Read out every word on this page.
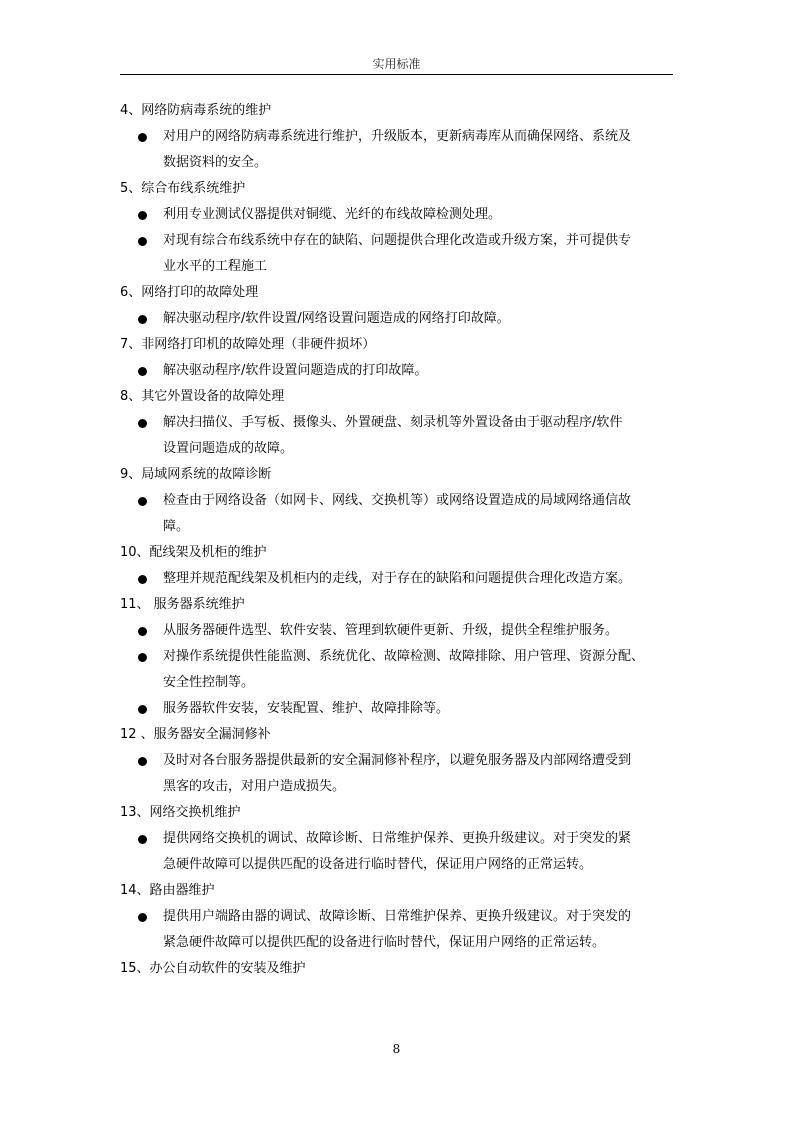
实用标准
4、网络防病毒系统的维护
对用户的网络防病毒系统进行维护，升级版本，更新病毒库从而确保网络、系统及
数据资料的安全。
5、综合布线系统维护
利用专业测试仪器提供对铜缆、光纤的布线故障检测处理。
对现有综合布线系统中存在的缺陷、问题提供合理化改造或升级方案，并可提供专
业水平的工程施工
6、网络打印的故障处理
解决驱动程序/软件设置/网络设置问题造成的网络打印故障。
7、非网络打印机的故障处理（非硬件损坏）
解决驱动程序/软件设置问题造成的打印故障。
8、其它外置设备的故障处理
解决扫描仪、手写板、摄像头、外置硬盘、刻录机等外置设备由于驱动程序/软件
设置问题造成的故障。
9、局域网系统的故障诊断
检查由于网络设备（如网卡、网线、交换机等）或网络设置造成的局域网络通信故
障。
10、配线架及机柜的维护
整理并规范配线架及机柜内的走线，对于存在的缺陷和问题提供合理化改造方案。
11、 服务器系统维护
从服务器硬件选型、软件安装、管理到软硬件更新、升级，提供全程维护服务。
对操作系统提供性能监测、系统优化、故障检测、故障排除、用户管理、资源分配、
安全性控制等。
服务器软件安装，安装配置、维护、故障排除等。
12 、服务器安全漏洞修补
及时对各台服务器提供最新的安全漏洞修补程序，以避免服务器及内部网络遭受到
黑客的攻击，对用户造成损失。
13、网络交换机维护
提供网络交换机的调试、故障诊断、日常维护保养、更换升级建议。对于突发的紧
急硬件故障可以提供匹配的设备进行临时替代，保证用户网络的正常运转。
14、路由器维护
提供用户端路由器的调试、故障诊断、日常维护保养、更换升级建议。对于突发的
紧急硬件故障可以提供匹配的设备进行临时替代，保证用户网络的正常运转。
15、办公自动软件的安装及维护
8
